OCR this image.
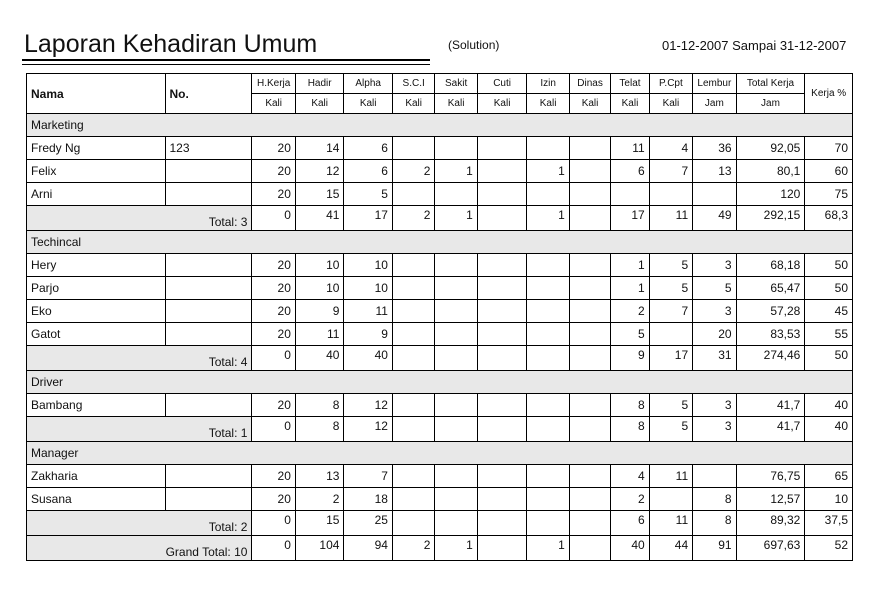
Laporan Kehadiran Umum	(Solution)	01-12-2007 Sampai 31-12-2007
Nama	No.	H.Kerja	Hadir	Alpha	S.C.I	Sakit	Cuti	Izin	Dinas	Telat	P.Cpt	Lembur	Total Kerja	Kerja %
		Kali	Kali	Kali	Kali	Kali	Kali	Kali	Kali	Kali	Kali	Jam	Jam	
Marketing														
Fredy Ng	123	20	14	6						11	4	36	92,05	70
Felix		20	12	6	2	1		1		6	7	13	80,1	60
Arni		20	15	5									120	75
Total: 3		0	41	17	2	1		1		17	11	49	292,15	68,3
Techincal														
Hery		20	10	10						1	5	3	68,18	50
Parjo		20	10	10						1	5	5	65,47	50
Eko		20	9	11						2	7	3	57,28	45
Gatot		20	11	9						5		20	83,53	55
Total: 4		0	40	40						9	17	31	274,46	50
Driver														
Bambang		20	8	12						8	5	3	41,7	40
Total: 1		0	8	12						8	5	3	41,7	40
Manager														
Zakharia		20	13	7						4	11		76,75	65
Susana		20	2	18						2		8	12,57	10
Total: 2		0	15	25						6	11	8	89,32	37,5
Grand Total: 10		0	104	94	2	1		1		40	44	91	697,63	52
